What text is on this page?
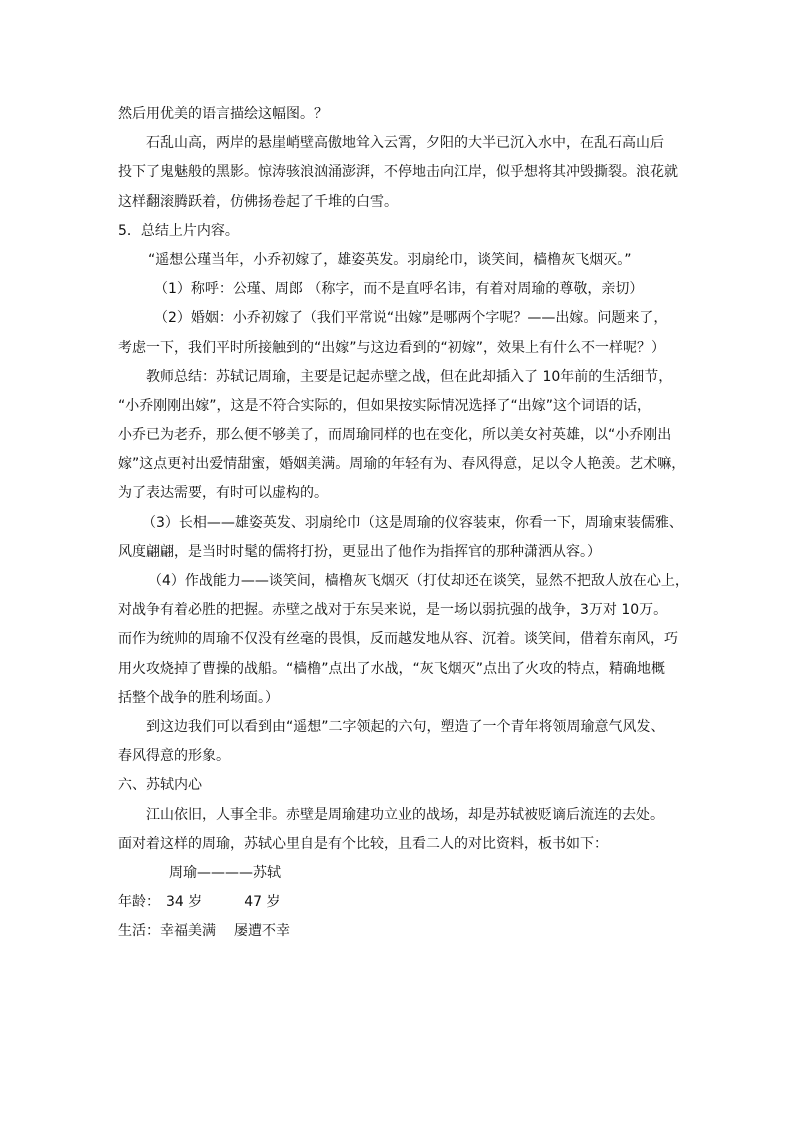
然后用优美的语言描绘这幅图。？

石乱山高，两岸的悬崖峭壁高傲地耸入云霄，夕阳的大半已沉入水中，在乱石高山后

投下了鬼魅般的黑影。惊涛骇浪汹涌澎湃，不停地击向江岸，似乎想将其冲毁撕裂。浪花就

这样翻滚腾跃着，仿佛扬卷起了千堆的白雪。

5．总结上片内容。

“遥想公瑾当年，小乔初嫁了，雄姿英发。羽扇纶巾，谈笑间，樯橹灰飞烟灭。”

（1）称呼：公瑾、周郎 （称字，而不是直呼名讳，有着对周瑜的尊敬，亲切）

（2）婚姻：小乔初嫁了（我们平常说“出嫁”是哪两个字呢？——出嫁。问题来了，

考虑一下，我们平时所接触到的“出嫁”与这边看到的“初嫁”，效果上有什么不一样呢？）

教师总结：苏轼记周瑜，主要是记起赤壁之战，但在此却插入了 10年前的生活细节，

“小乔刚刚出嫁”，这是不符合实际的，但如果按实际情况选择了“出嫁”这个词语的话，

小乔已为老乔，那么便不够美了，而周瑜同样的也在变化，所以美女衬英雄，以“小乔刚出

嫁”这点更衬出爱情甜蜜，婚姻美满。周瑜的年轻有为、春风得意，足以令人艳羡。艺术嘛，

为了表达需要，有时可以虚构的。

（3）长相——雄姿英发、羽扇纶巾（这是周瑜的仪容装束，你看一下，周瑜束装儒雅、

风度翩翩，是当时时髦的儒将打扮，更显出了他作为指挥官的那种潇洒从容。）

（4）作战能力——谈笑间，樯橹灰飞烟灭（打仗却还在谈笑，显然不把敌人放在心上，

对战争有着必胜的把握。赤壁之战对于东吴来说，是一场以弱抗强的战争，3万对 10万。

而作为统帅的周瑜不仅没有丝毫的畏惧，反而越发地从容、沉着。谈笑间，借着东南风，巧

用火攻烧掉了曹操的战船。“樯橹”点出了水战，“灰飞烟灭”点出了火攻的特点，精确地概

括整个战争的胜利场面。）

到这边我们可以看到由“遥想”二字领起的六句，塑造了一个青年将领周瑜意气风发、

春风得意的形象。

六、苏轼内心

江山依旧，人事全非。赤壁是周瑜建功立业的战场，却是苏轼被贬谪后流连的去处。

面对着这样的周瑜，苏轼心里自是有个比较，且看二人的对比资料，板书如下：

周瑜————苏轼

年龄： 34 岁	47 岁

生活：幸福美满 屡遭不幸
